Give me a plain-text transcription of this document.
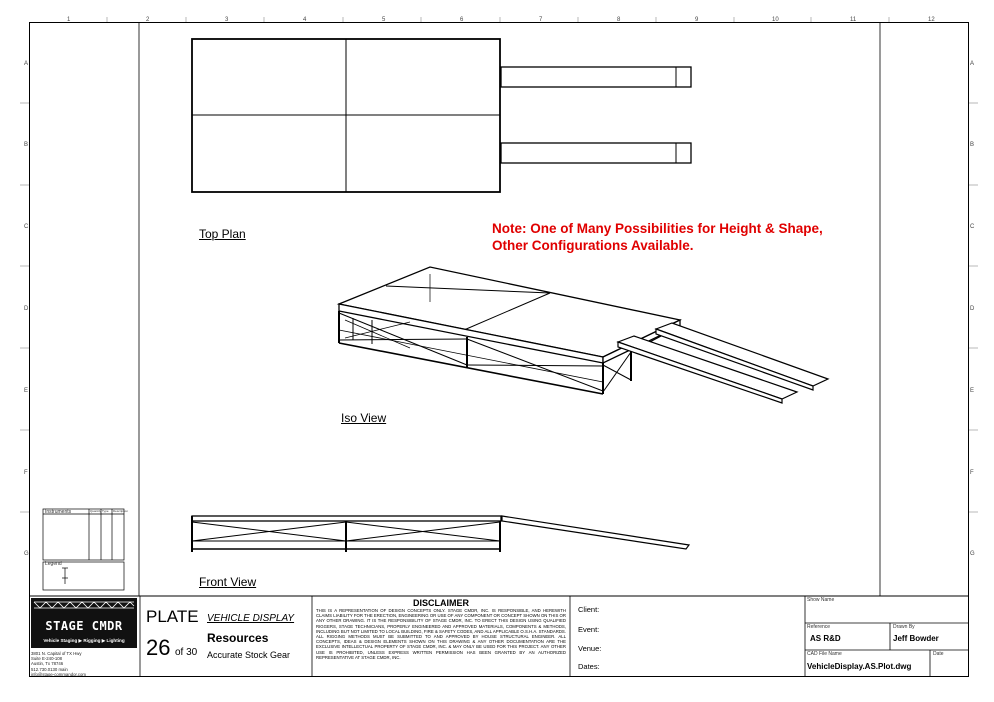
1	2	3	4	5	6	7	8	9	10	11	12
A
B
C
D
E
F
G
A
B
C
D
E
F
G
Top Plan
Iso View
Front View
Note: One of Many Possibilities for Height & Shape,
Other Configurations Available.
Instruments	Quantity Type Description
Legend
STAGE CMDR
Vehicle Staging ▶ Rigging ▶ Lighting
3801 N. Capital of TX Hwy
Suite E-240-108
Austin, Tx 78746
512.730.0130 main
info@stage-commandor.com
PLATE VEHICLE DISPLAY
26 of 30
Resources
Accurate Stock Gear
DISCLAIMER
THIS IS A REPRESENTATION OF DESIGN CONCEPTS ONLY. STAGE CMDR, INC. IS RESPONSIBLE, AND HEREWITH CLAIMS LIABILITY FOR THE ERECTION, ENGINEERING OR USE OF ANY COMPONENT OR CONCEPT SHOWN ON THIS OR ANY OTHER DRAWING. IT IS THE RESPONSIBILITY OF STAGE CMDR, INC. TO ERECT THIS DESIGN USING QUALIFIED RIGGERS, STAGE TECHNICIANS, PROPERLY ENGINEERED AND APPROVED MATERIALS, COMPONENTS & METHODS, INCLUDING BUT NOT LIMITED TO LOCAL BUILDING, FIRE & SAFETY CODES, AND ALL APPLICABLE O.S.H.A. STANDARDS. ALL RIGGING METHODS MUST BE SUBMITTED TO AND APPROVED BY HOUSE STRUCTURAL ENGINEER. ALL CONCEPTS, IDEAS & DESIGN ELEMENTS SHOWN ON THIS DRAWING & ANY OTHER DOCUMENTATION ARE THE EXCLUSIVE INTELLECTUAL PROPERTY OF STAGE CMDR, INC. & MAY ONLY BE USED FOR THIS PROJECT. ANY OTHER USE IS PROHIBITED, UNLESS EXPRESS WRITTEN PERMISSION HAS BEEN GRANTED BY AN AUTHORIZED REPRESENTATIVE AT STAGE CMDR, INC.
Client:
Event:
Venue:
Dates:
Show Name
Reference
AS R&D
Drawn By
Jeff Bowder
CAD File Name
VehicleDisplay.AS.Plot.dwg
Date
